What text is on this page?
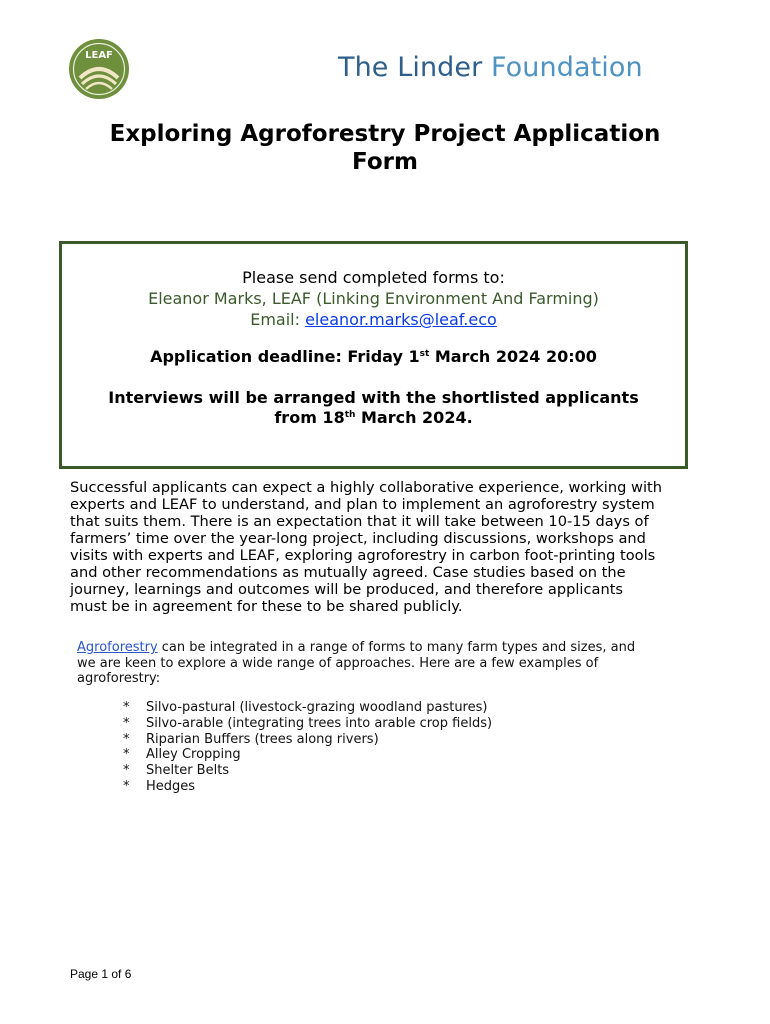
LEAF	The Linder Foundation
Exploring Agroforestry Project Application
Form
Please send completed forms to:
Eleanor Marks, LEAF (Linking Environment And Farming)
Email: eleanor.marks@leaf.eco
Application deadline: Friday 1st March 2024 20:00
Interviews will be arranged with the shortlisted applicants
from 18th March 2024.
Successful applicants can expect a highly collaborative experience, working with
experts and LEAF to understand, and plan to implement an agroforestry system
that suits them. There is an expectation that it will take between 10-15 days of
farmers’ time over the year-long project, including discussions, workshops and
visits with experts and LEAF, exploring agroforestry in carbon foot-printing tools
and other recommendations as mutually agreed. Case studies based on the
journey, learnings and outcomes will be produced, and therefore applicants
must be in agreement for these to be shared publicly.
Agroforestry can be integrated in a range of forms to many farm types and sizes, and
we are keen to explore a wide range of approaches. Here are a few examples of
agroforestry:
* Silvo-pastural (livestock-grazing woodland pastures)
* Silvo-arable (integrating trees into arable crop fields)
* Riparian Buffers (trees along rivers)
* Alley Cropping
* Shelter Belts
* Hedges
Page 1 of 6
